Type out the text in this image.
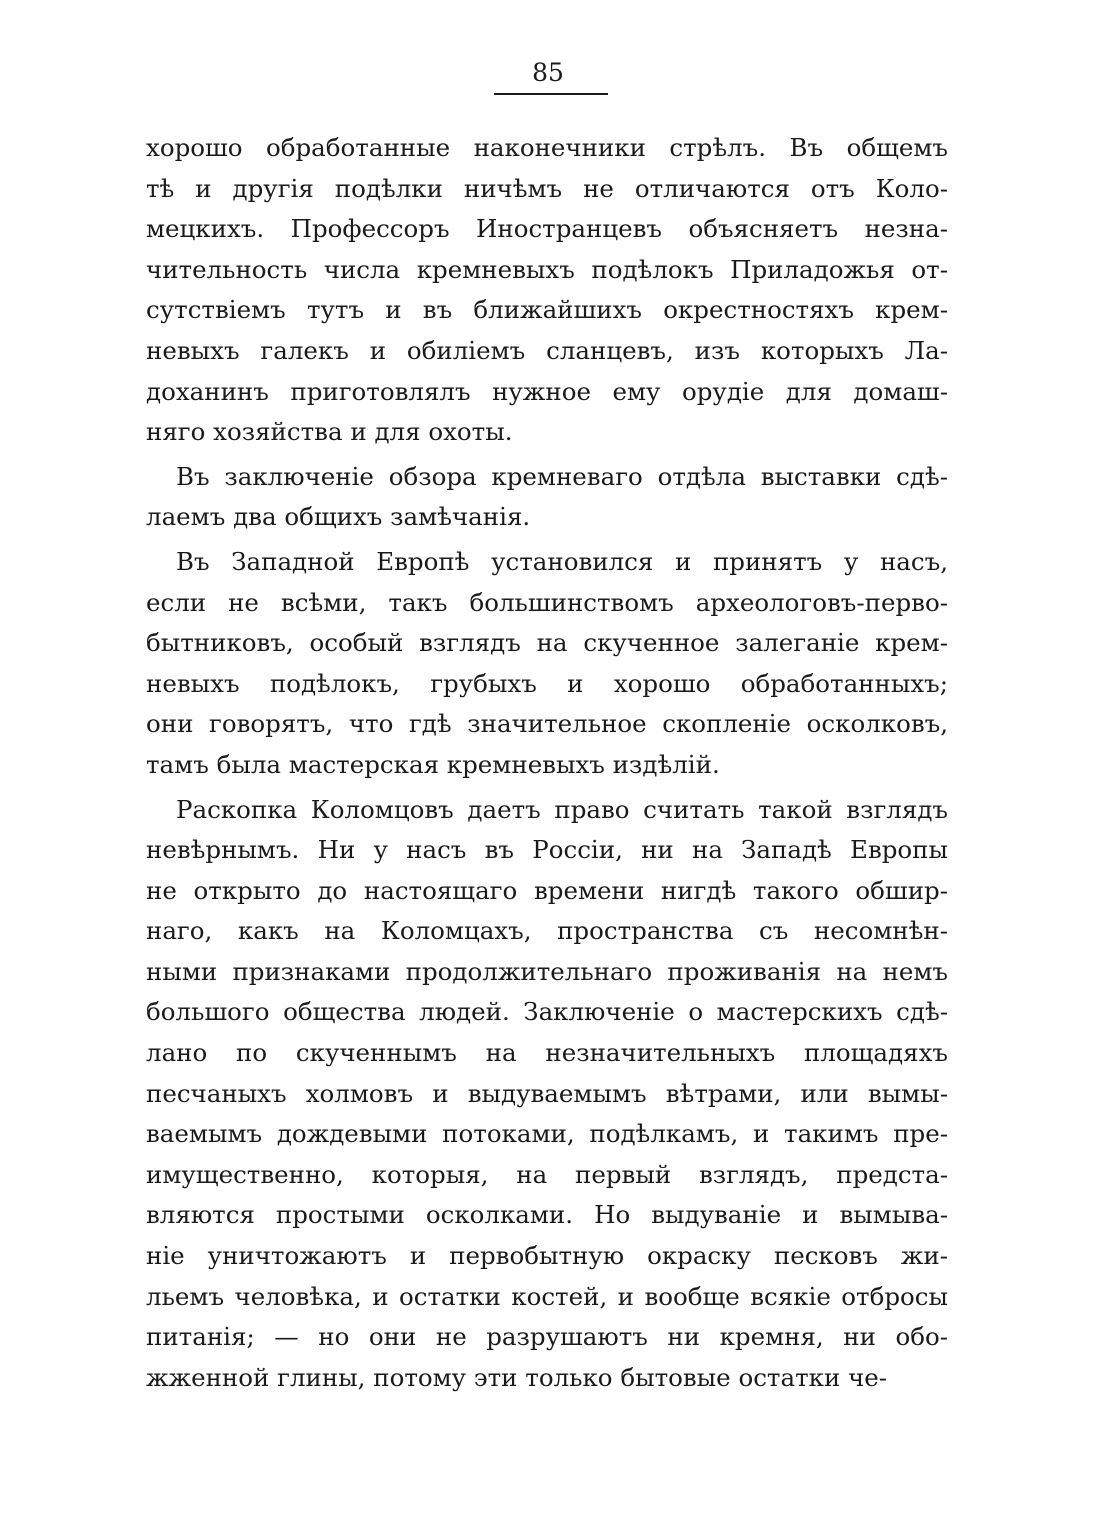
85
хорошо обработанные наконечники стрѣлъ. Въ общемъ
тѣ и другія подѣлки ничѣмъ не отличаются отъ Коло-
мецкихъ. Профессоръ Иностранцевъ объясняетъ незна-
чительность числа кремневыхъ подѣлокъ Приладожья от-
сутствіемъ тутъ и въ ближайшихъ окрестностяхъ крем-
невыхъ галекъ и обиліемъ сланцевъ, изъ которыхъ Ла-
доханинъ приготовлялъ нужное ему орудіе для домаш-
няго хозяйства и для охоты.
Въ заключеніе обзора кремневаго отдѣла выставки сдѣ-
лаемъ два общихъ замѣчанія.
Въ Западной Европѣ установился и принятъ у насъ,
если не всѣми, такъ большинствомъ археологовъ-перво-
бытниковъ, особый взглядъ на скученное залеганіе крем-
невыхъ подѣлокъ, грубыхъ и хорошо обработанныхъ;
они говорятъ, что гдѣ значительное скопленіе осколковъ,
тамъ была мастерская кремневыхъ издѣлій.
Раскопка Коломцовъ даетъ право считать такой взглядъ
невѣрнымъ. Ни у насъ въ Россіи, ни на Западѣ Европы
не открыто до настоящаго времени нигдѣ такого обшир-
наго, какъ на Коломцахъ, пространства съ несомнѣн-
ными признаками продолжительнаго проживанія на немъ
большого общества людей. Заключеніе о мастерскихъ сдѣ-
лано по скученнымъ на незначительныхъ площадяхъ
песчаныхъ холмовъ и выдуваемымъ вѣтрами, или вымы-
ваемымъ дождевыми потоками, подѣлкамъ, и такимъ пре-
имущественно, которыя, на первый взглядъ, предста-
вляются простыми осколками. Но выдуваніе и вымыва-
ніе уничтожаютъ и первобытную окраску песковъ жи-
льемъ человѣка, и остатки костей, и вообще всякіе отбросы
питанія; — но они не разрушаютъ ни кремня, ни обо-
жженной глины, потому эти только бытовые остатки че-
